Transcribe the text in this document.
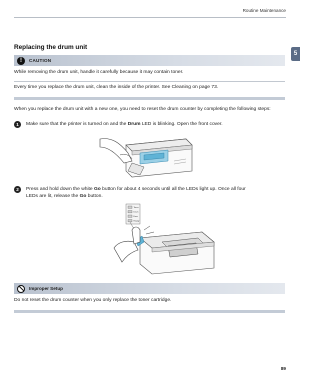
Routine Maintenance
5
Replacing the drum unit
!	CAUTION
While removing the drum unit, handle it carefully because it may contain toner.
Every time you replace the drum unit, clean the inside of the printer. See Cleaning on page 73.
When you replace the drum unit with a new one, you need to reset the drum counter by completing the following steps:
1	Make sure that the printer is turned on and the Drum LED is blinking. Open the front cover.
2	Press and hold down the white Go button for about 4 seconds until all the LEDs light up. Once all four
LEDs are lit, release the Go button.
Toner
Drum
Error
Ready
Improper Setup
Do not reset the drum counter when you only replace the toner cartridge.
89
